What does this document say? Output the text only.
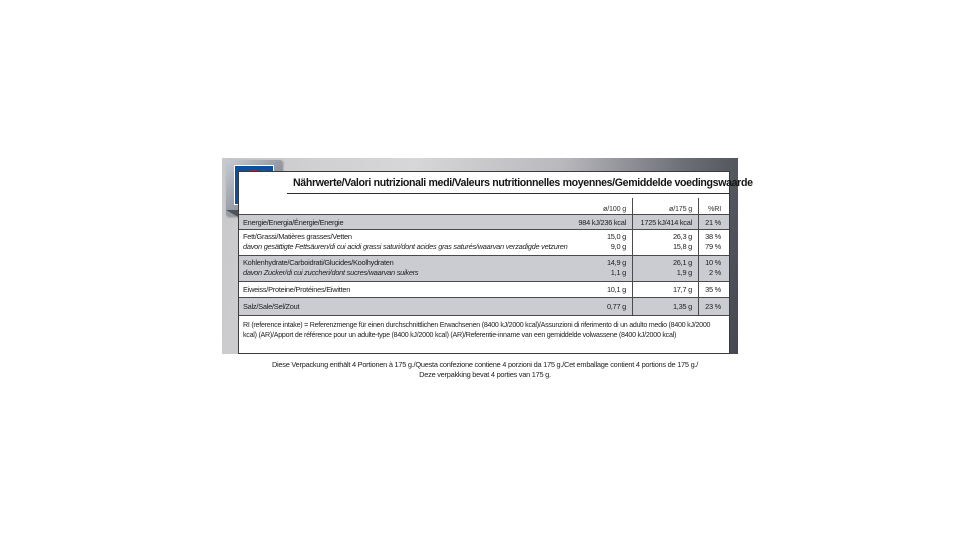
Nährwerte/Valori nutrizionali medi/Valeurs nutritionnelles moyennes/Gemiddelde voedingswaarde
ø/100 g	ø/175 g %RI
Energie/Energia/Énergie/Energie	984 kJ/236 kcal 1725 kJ/414 kcal 21 %
Fett/Grassi/Matières grasses/Vetten	15,0 g	26,3 g 38 %
davon gesättigte Fettsäuren/di cui acidi grassi saturi/dont acides gras saturés/waarvan verzadigde vetzuren	9,0 g	15,8 g 79 %
Kohlenhydrate/Carboidrati/Glucides/Koolhydraten	14,9 g	26,1 g 10 %
davon Zucker/di cui zuccheri/dont sucres/waarvan suikers	1,1 g	1,9 g 2 %
Eiweiss/Proteine/Protéines/Eiwitten	10,1 g	17,7 g 35 %
Salz/Sale/Sel/Zout	0,77 g	1,35 g 23 %
RI (reference intake) = Referenzmenge für einen durchschnittlichen Erwachsenen (8400 kJ/2000 kcal)/Assunzioni di riferimento di un adulto medio (8400 kJ/2000 kcal) (AR)/Apport de référence pour un adulte-type (8400 kJ/2000 kcal) (AR)/Referentie-inname van een gemiddelde volwassene (8400 kJ/2000 kcal)
Diese Verpackung enthält 4 Portionen à 175 g./Questa confezione contiene 4 porzioni da 175 g./Cet emballage contient 4 portions de 175 g./
Deze verpakking bevat 4 porties van 175 g.
